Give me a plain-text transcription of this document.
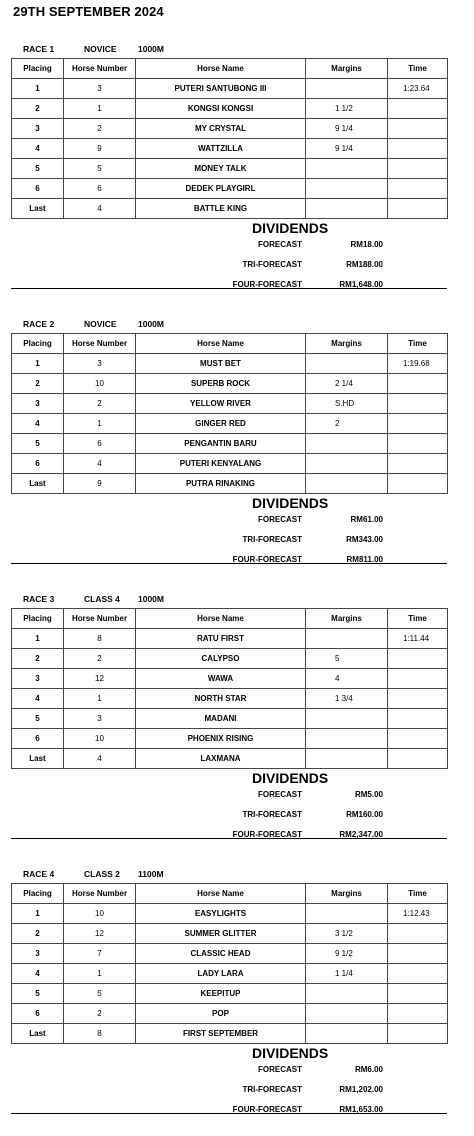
29TH SEPTEMBER 2024
RACE 1	NOVICE	1000M
Placing	Horse Number	Horse Name	Margins	Time
1	3	PUTERI SANTUBONG III		1:23.64
2	1	KONGSI KONGSI	1 1/2	
3	2	MY CRYSTAL	9 1/4	
4	9	WATTZILLA	9 1/4	
5	5	MONEY TALK		
6	6	DEDEK PLAYGIRL		
Last	4	BATTLE KING		
DIVIDENDS
FORECAST	RM18.00
TRI-FORECAST	RM188.00
FOUR-FORECAST	RM1,648.00
RACE 2	NOVICE	1000M
Placing	Horse Number	Horse Name	Margins	Time
1	3	MUST BET		1:19.68
2	10	SUPERB ROCK	2 1/4	
3	2	YELLOW RIVER	S.HD	
4	1	GINGER RED	2	
5	6	PENGANTIN BARU		
6	4	PUTERI KENYALANG		
Last	9	PUTRA RINAKING		
DIVIDENDS
FORECAST	RM61.00
TRI-FORECAST	RM343.00
FOUR-FORECAST	RM811.00
RACE 3	CLASS 4 1000M
Placing	Horse Number	Horse Name	Margins	Time
1	8	RATU FIRST		1:11.44
2	2	CALYPSO	5	
3	12	WAWA	4	
4	1	NORTH STAR	1 3/4	
5	3	MADANI		
6	10	PHOENIX RISING		
Last	4	LAXMANA		
DIVIDENDS
FORECAST	RM5.00
TRI-FORECAST	RM160.00
FOUR-FORECAST	RM2,347.00
RACE 4	CLASS 2 1100M
Placing	Horse Number	Horse Name	Margins	Time
1	10	EASYLIGHTS		1:12.43
2	12	SUMMER GLITTER	3 1/2	
3	7	CLASSIC HEAD	9 1/2	
4	1	LADY LARA	1 1/4	
5	5	KEEPITUP		
6	2	POP		
Last	8	FIRST SEPTEMBER		
DIVIDENDS
FORECAST	RM6.00
TRI-FORECAST	RM1,202.00
FOUR-FORECAST	RM1,653.00
